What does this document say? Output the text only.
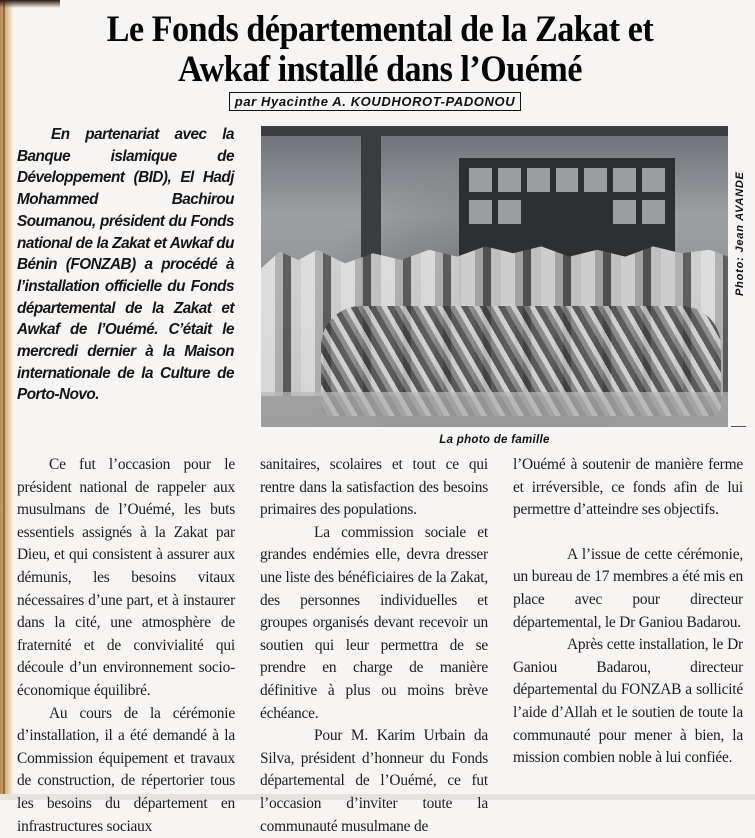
Le Fonds départemental de la Zakat et
Awkaf installé dans l’Ouémé
par Hyacinthe A. KOUDHOROT-PADONOU
En partenariat avec la Banque islamique de Développement (BID), El Hadj Mohammed Bachirou Soumanou, président du Fonds national de la Zakat et Awkaf du Bénin (FONZAB) a procédé à l’installation officielle du Fonds départemental de la Zakat et Awkaf de l’Ouémé. C’était le mercredi dernier à la Maison internationale de la Culture de Porto-Novo.
Photo: Jean AVANDE
La photo de famille

Ce fut l’occasion pour le président national de rappeler aux musulmans de l’Ouémé, les buts essentiels assignés à la Zakat par Dieu, et qui consistent à assurer aux démunis, les besoins vitaux nécessaires d’une part, et à instaurer dans la cité, une atmosphère de fraternité et de convivialité qui découle d’un environnement socio-économique équilibré.

Au cours de la cérémonie d’installation, il a été demandé à la Commission équipement et travaux de construction, de répertorier tous les besoins du département en infrastructures sociaux

sanitaires, scolaires et tout ce qui rentre dans la satisfaction des besoins primaires des populations.

La commission sociale et grandes endémies elle, devra dresser une liste des bénéficiaires de la Zakat, des personnes individuelles et groupes organisés devant recevoir un soutien qui leur permettra de se prendre en charge de manière définitive à plus ou moins brève échéance.

Pour M. Karim Urbain da Silva, président d’honneur du Fonds départemental de l’Ouémé, ce fut l’occasion d’inviter toute la communauté musulmane de

l’Ouémé à soutenir de manière ferme et irréversible, ce fonds afin de lui permettre d’atteindre ses objectifs.

A l’issue de cette cérémonie, un bureau de 17 membres a été mis en place avec pour directeur départemental, le Dr Ganiou Badarou.

Après cette installation, le Dr Ganiou Badarou, directeur départemental du FONZAB a sollicité l’aide d’Allah et le soutien de toute la communauté pour mener à bien, la mission combien noble à lui confiée.
